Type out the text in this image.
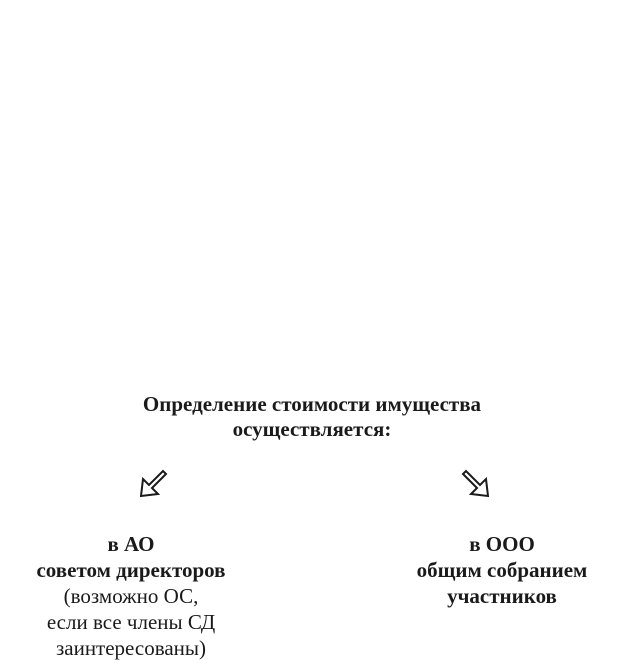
Определение стоимости имущества
осуществляется:
в АО
советом директоров
(возможно ОС,
если все члены СД
заинтересованы)
в ООО
общим собранием
участников
